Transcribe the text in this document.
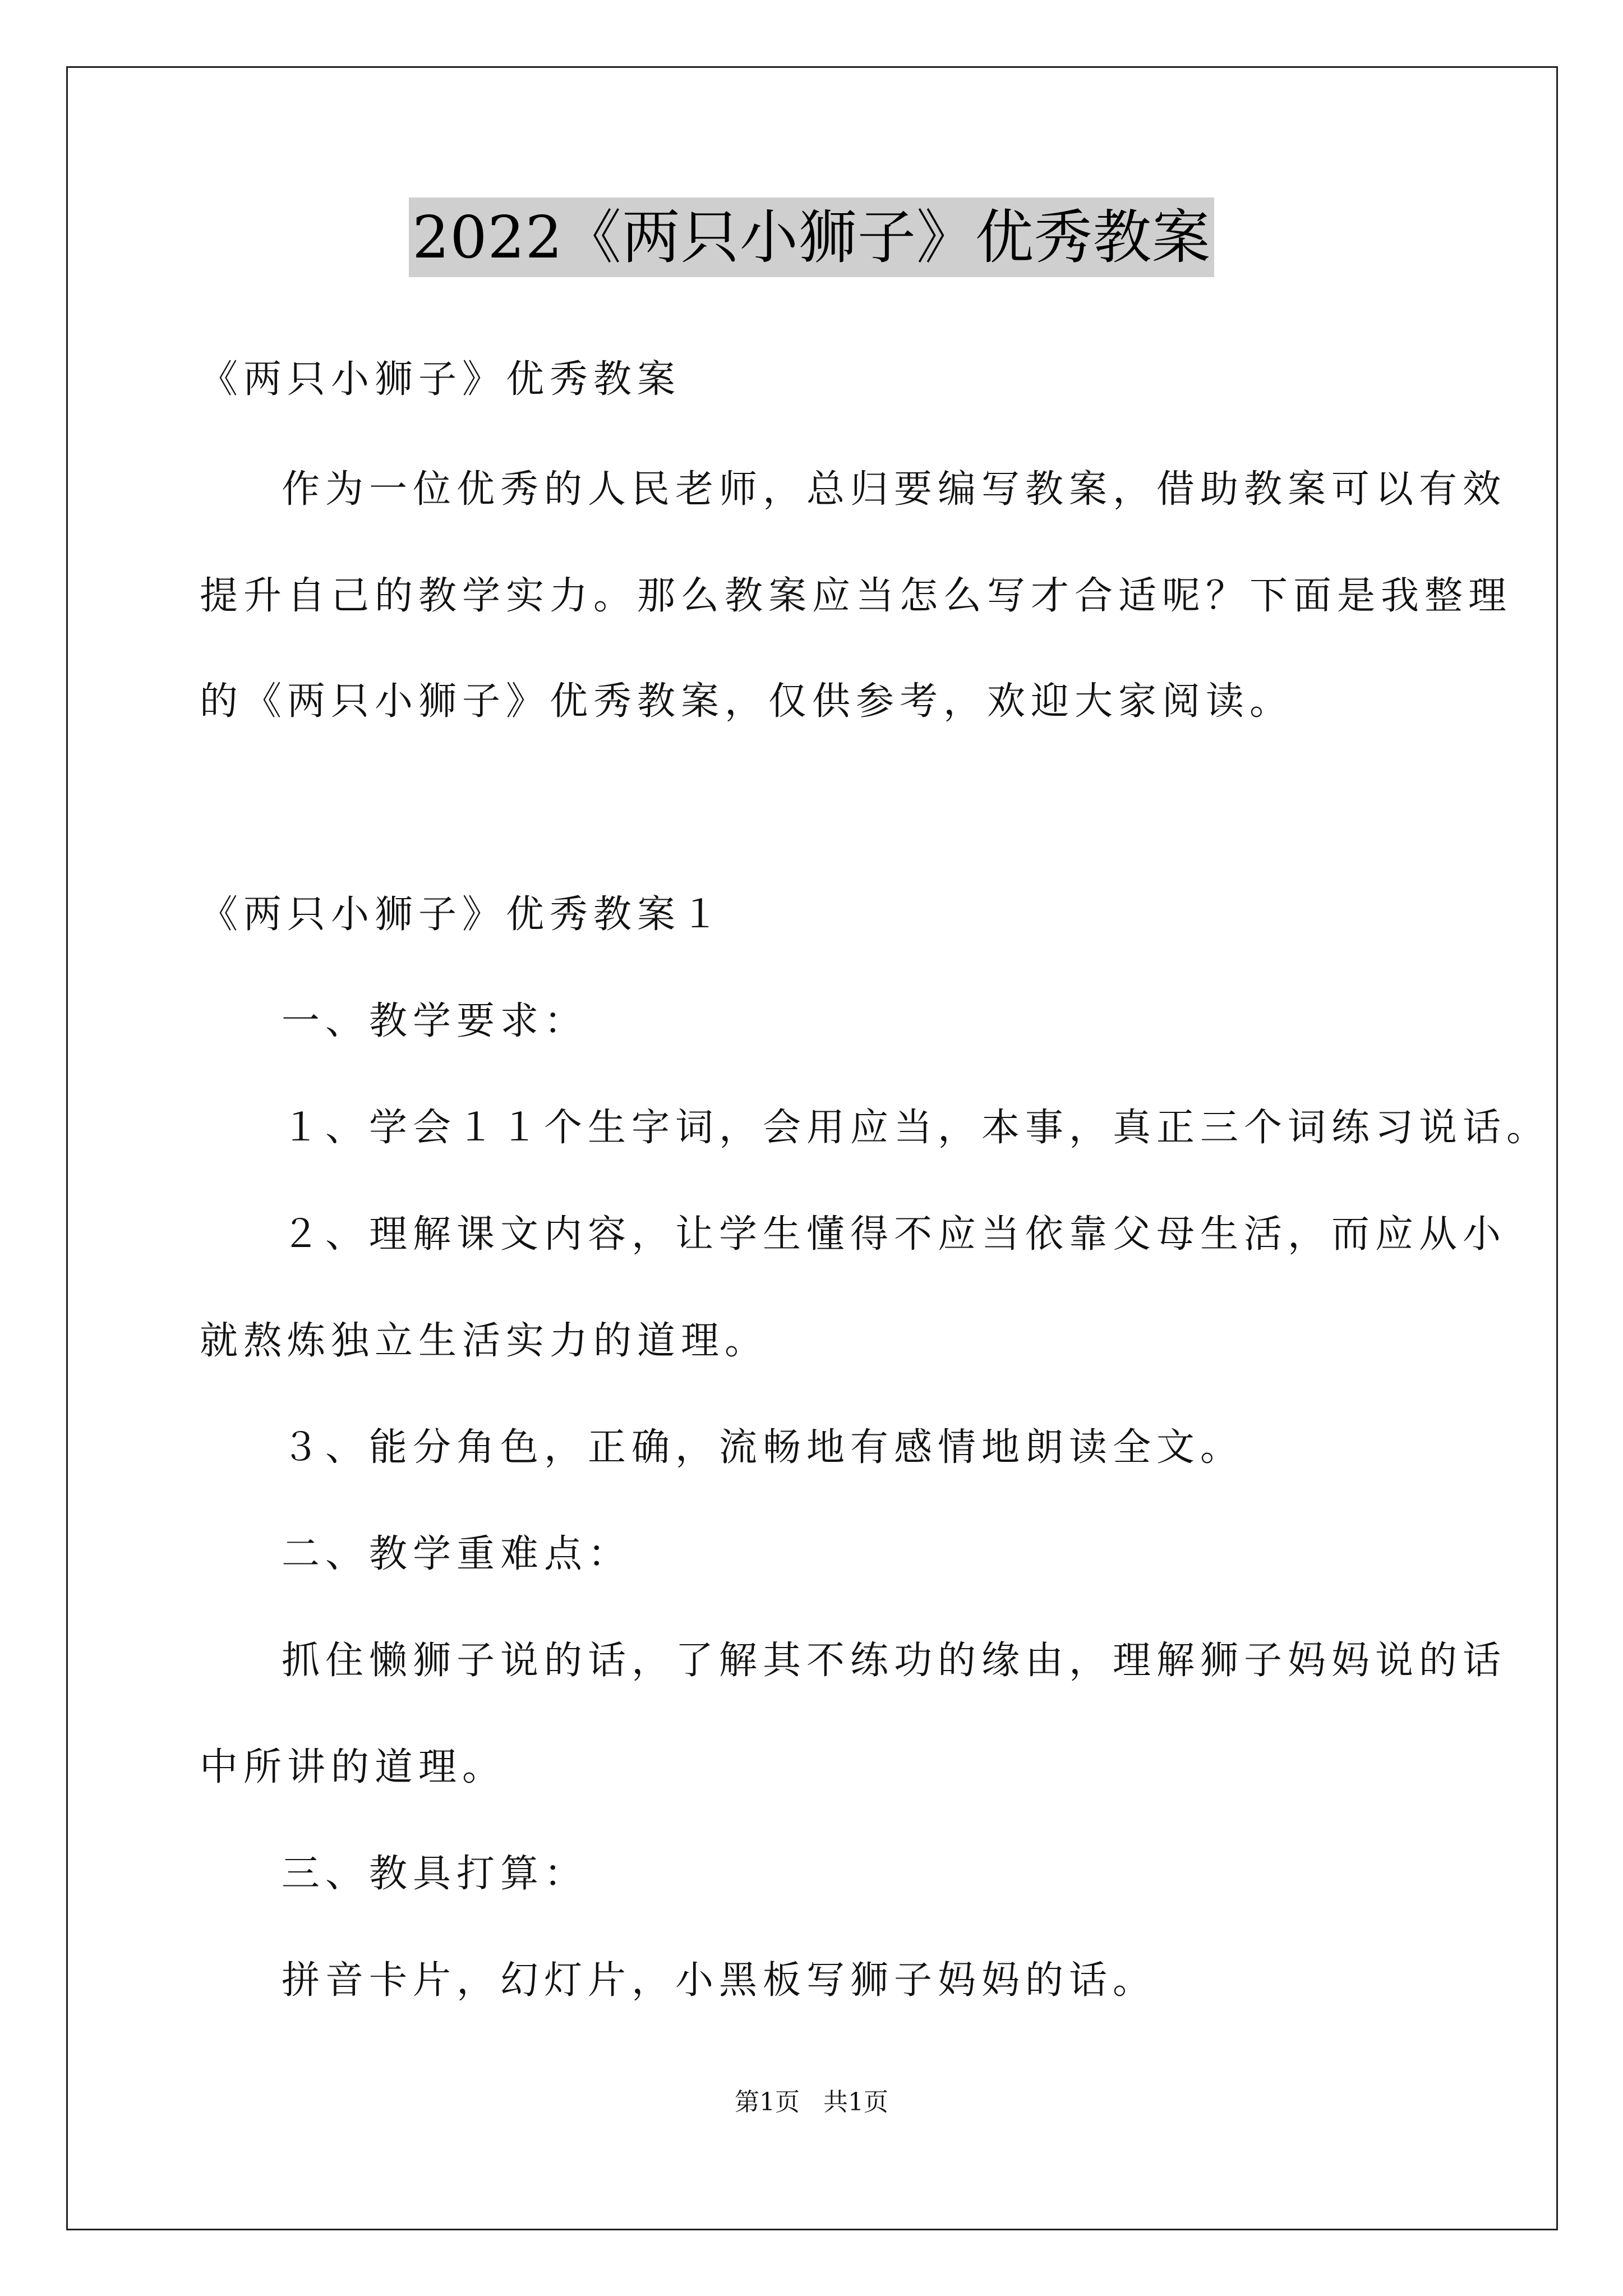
2022《两只小狮子》优秀教案
《两只小狮子》优秀教案
作为一位优秀的人民老师，总归要编写教案，借助教案可以有效
提升自己的教学实力。那么教案应当怎么写才合适呢？下面是我整理
的《两只小狮子》优秀教案，仅供参考，欢迎大家阅读。
《两只小狮子》优秀教案１
一、教学要求：
１、学会１１个生字词，会用应当，本事，真正三个词练习说话。
２、理解课文内容，让学生懂得不应当依靠父母生活，而应从小
就熬炼独立生活实力的道理。
３、能分角色，正确，流畅地有感情地朗读全文。
二、教学重难点：
抓住懒狮子说的话，了解其不练功的缘由，理解狮子妈妈说的话
中所讲的道理。
三、教具打算：
拼音卡片，幻灯片，小黑板写狮子妈妈的话。
第1页 共1页
